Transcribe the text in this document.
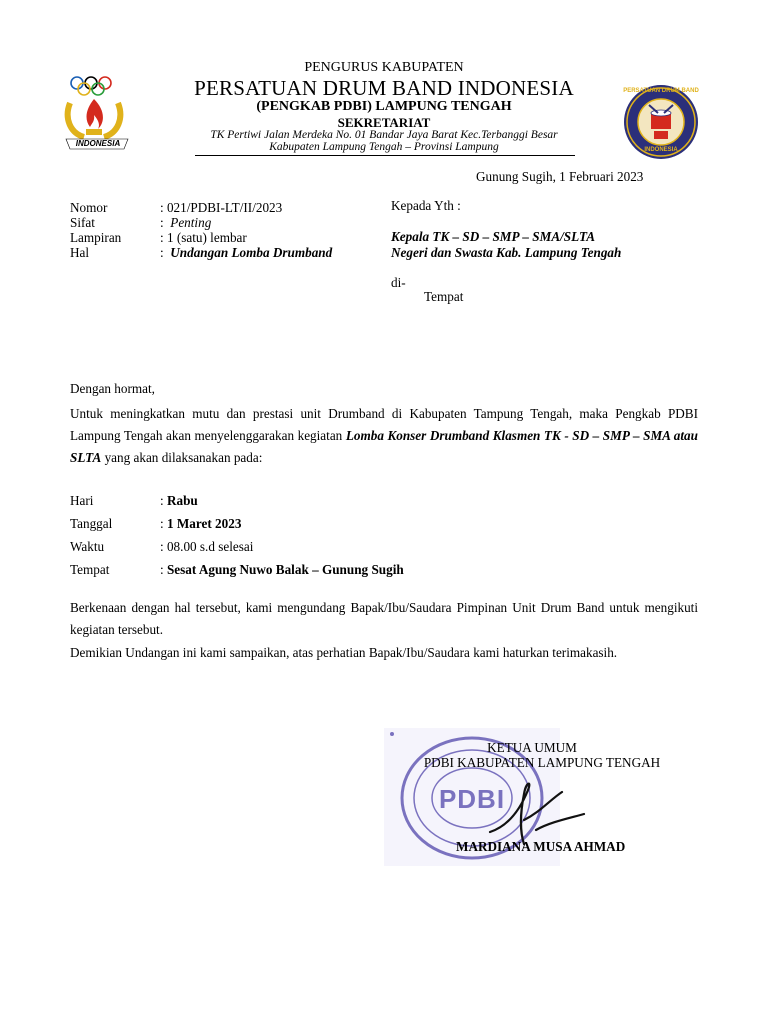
INDONESIA
PERSATUAN DRUM BAND
INDONESIA
PENGURUS KABUPATEN
PERSATUAN DRUM BAND INDONESIA
(PENGKAB PDBI) LAMPUNG TENGAH
SEKRETARIAT
TK Pertiwi Jalan Merdeka No. 01 Bandar Jaya Barat Kec.Terbanggi Besar
Kabupaten Lampung Tengah – Provinsi Lampung
Gunung Sugih, 1 Februari 2023
Nomor	: 021/PDBI-LT/II/2023
Sifat	:  Penting
Lampiran	: 1 (satu) lembar
Hal	:  Undangan Lomba Drumband
Kepada Yth :
Kepala TK – SD – SMP – SMA/SLTA
Negeri dan Swasta Kab. Lampung Tengah
di-
Tempat
Dengan hormat,
Untuk meningkatkan mutu dan prestasi unit Drumband di Kabupaten Tampung Tengah, maka Pengkab PDBI Lampung Tengah akan menyelenggarakan kegiatan Lomba Konser Drumband Klasmen TK - SD – SMP – SMA atau SLTA yang akan dilaksanakan pada:
Hari	: Rabu
Tanggal	: 1 Maret 2023
Waktu	: 08.00 s.d selesai
Tempat	: Sesat Agung Nuwo Balak – Gunung Sugih
Berkenaan dengan hal tersebut, kami mengundang Bapak/Ibu/Saudara Pimpinan Unit Drum Band untuk mengikuti kegiatan tersebut.
Demikian Undangan ini kami sampaikan, atas perhatian Bapak/Ibu/Saudara kami haturkan terimakasih.
PDBI
KETUA UMUM
PDBI KABUPATEN LAMPUNG TENGAH
MARDIANA MUSA AHMAD
